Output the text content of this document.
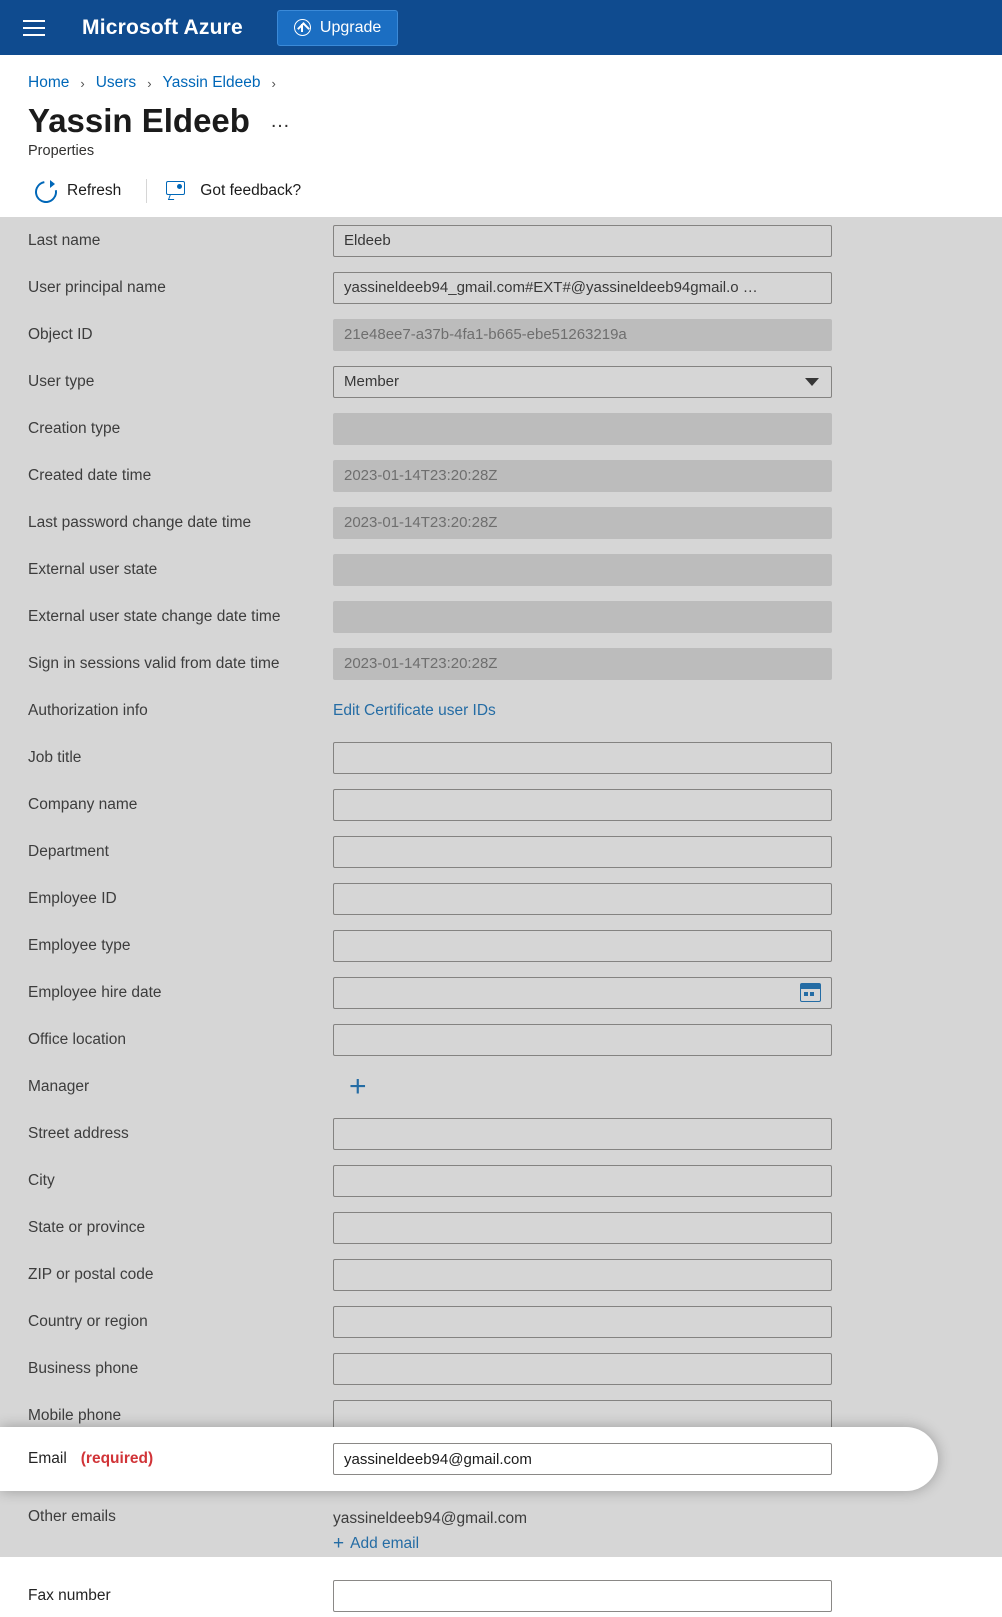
Microsoft Azure	Upgrade
Home › Users › Yassin Eldeeb ›
Yassin Eldeeb …
Properties
Refresh	Got feedback?
Last name	Eldeeb
User principal name	yassineldeeb94_gmail.com#EXT#@yassineldeeb94gmail.o …
Object ID	21e48ee7-a37b-4fa1-b665-ebe51263219a
User type	Member
Creation type
Created date time	2023-01-14T23:20:28Z
Last password change date time	2023-01-14T23:20:28Z
External user state
External user state change date time
Sign in sessions valid from date time	2023-01-14T23:20:28Z
Authorization info	Edit Certificate user IDs
Job title
Company name
Department
Employee ID
Employee type
Employee hire date
Office location
Manager	+
Street address
City
State or province
ZIP or postal code
Country or region
Business phone
Mobile phone
Other emails	yassineldeeb94@gmail.com
+ Add email
Fax number
Email (required)	yassineldeeb94@gmail.com
